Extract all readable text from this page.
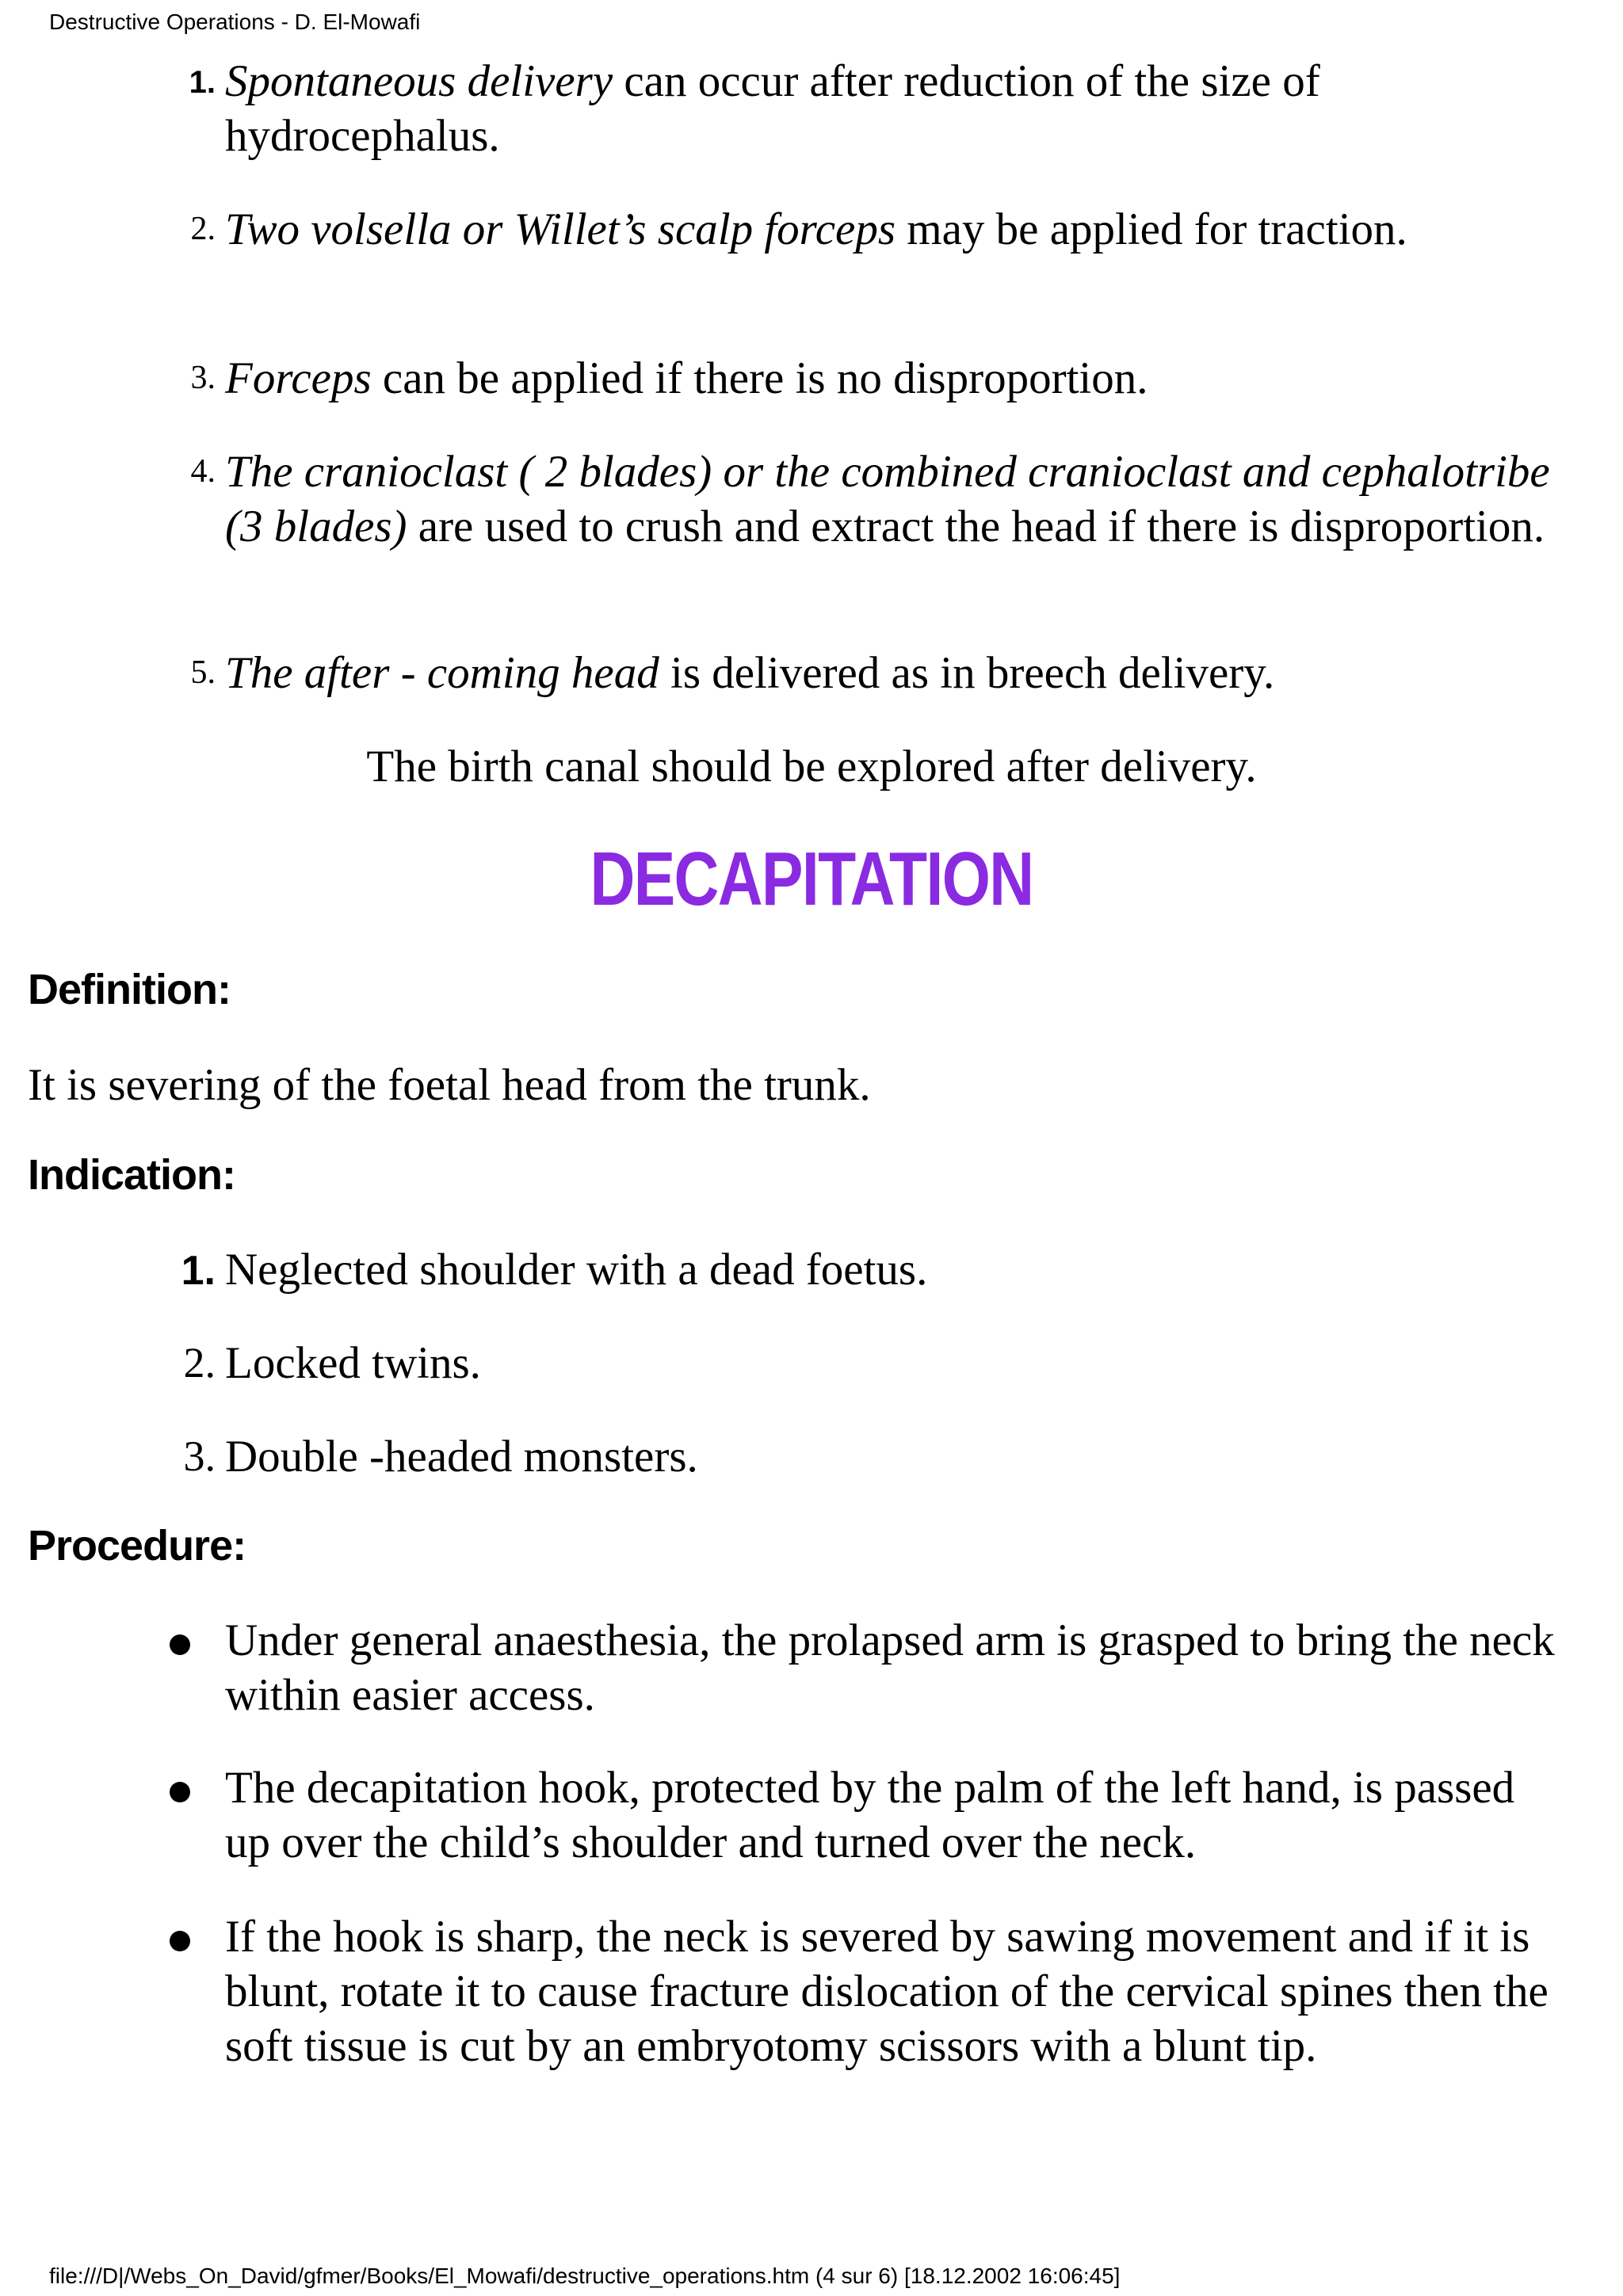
Destructive Operations - D. El-Mowafi
1. Spontaneous delivery can occur after reduction of the size of hydrocephalus.
2. Two volsella or Willet’s scalp forceps may be applied for traction.
3. Forceps can be applied if there is no disproportion.
4. The cranioclast ( 2 blades) or the combined cranioclast and cephalotribe (3 blades) are used to crush and extract the head if there is disproportion.
5. The after - coming head is delivered as in breech delivery.
The birth canal should be explored after delivery.
DECAPITATION
Definition:
It is severing of the foetal head from the trunk.
Indication:
1. Neglected shoulder with a dead foetus.
2. Locked twins.
3. Double -headed monsters.
Procedure:
Under general anaesthesia, the prolapsed arm is grasped to bring the neck within easier access.
The decapitation hook, protected by the palm of the left hand, is passed up over the child’s shoulder and turned over the neck.
If the hook is sharp, the neck is severed by sawing movement and if it is blunt, rotate it to cause fracture dislocation of the cervical spines then the soft tissue is cut by an embryotomy scissors with a blunt tip.
file:///D|/Webs_On_David/gfmer/Books/El_Mowafi/destructive_operations.htm (4 sur 6) [18.12.2002 16:06:45]
